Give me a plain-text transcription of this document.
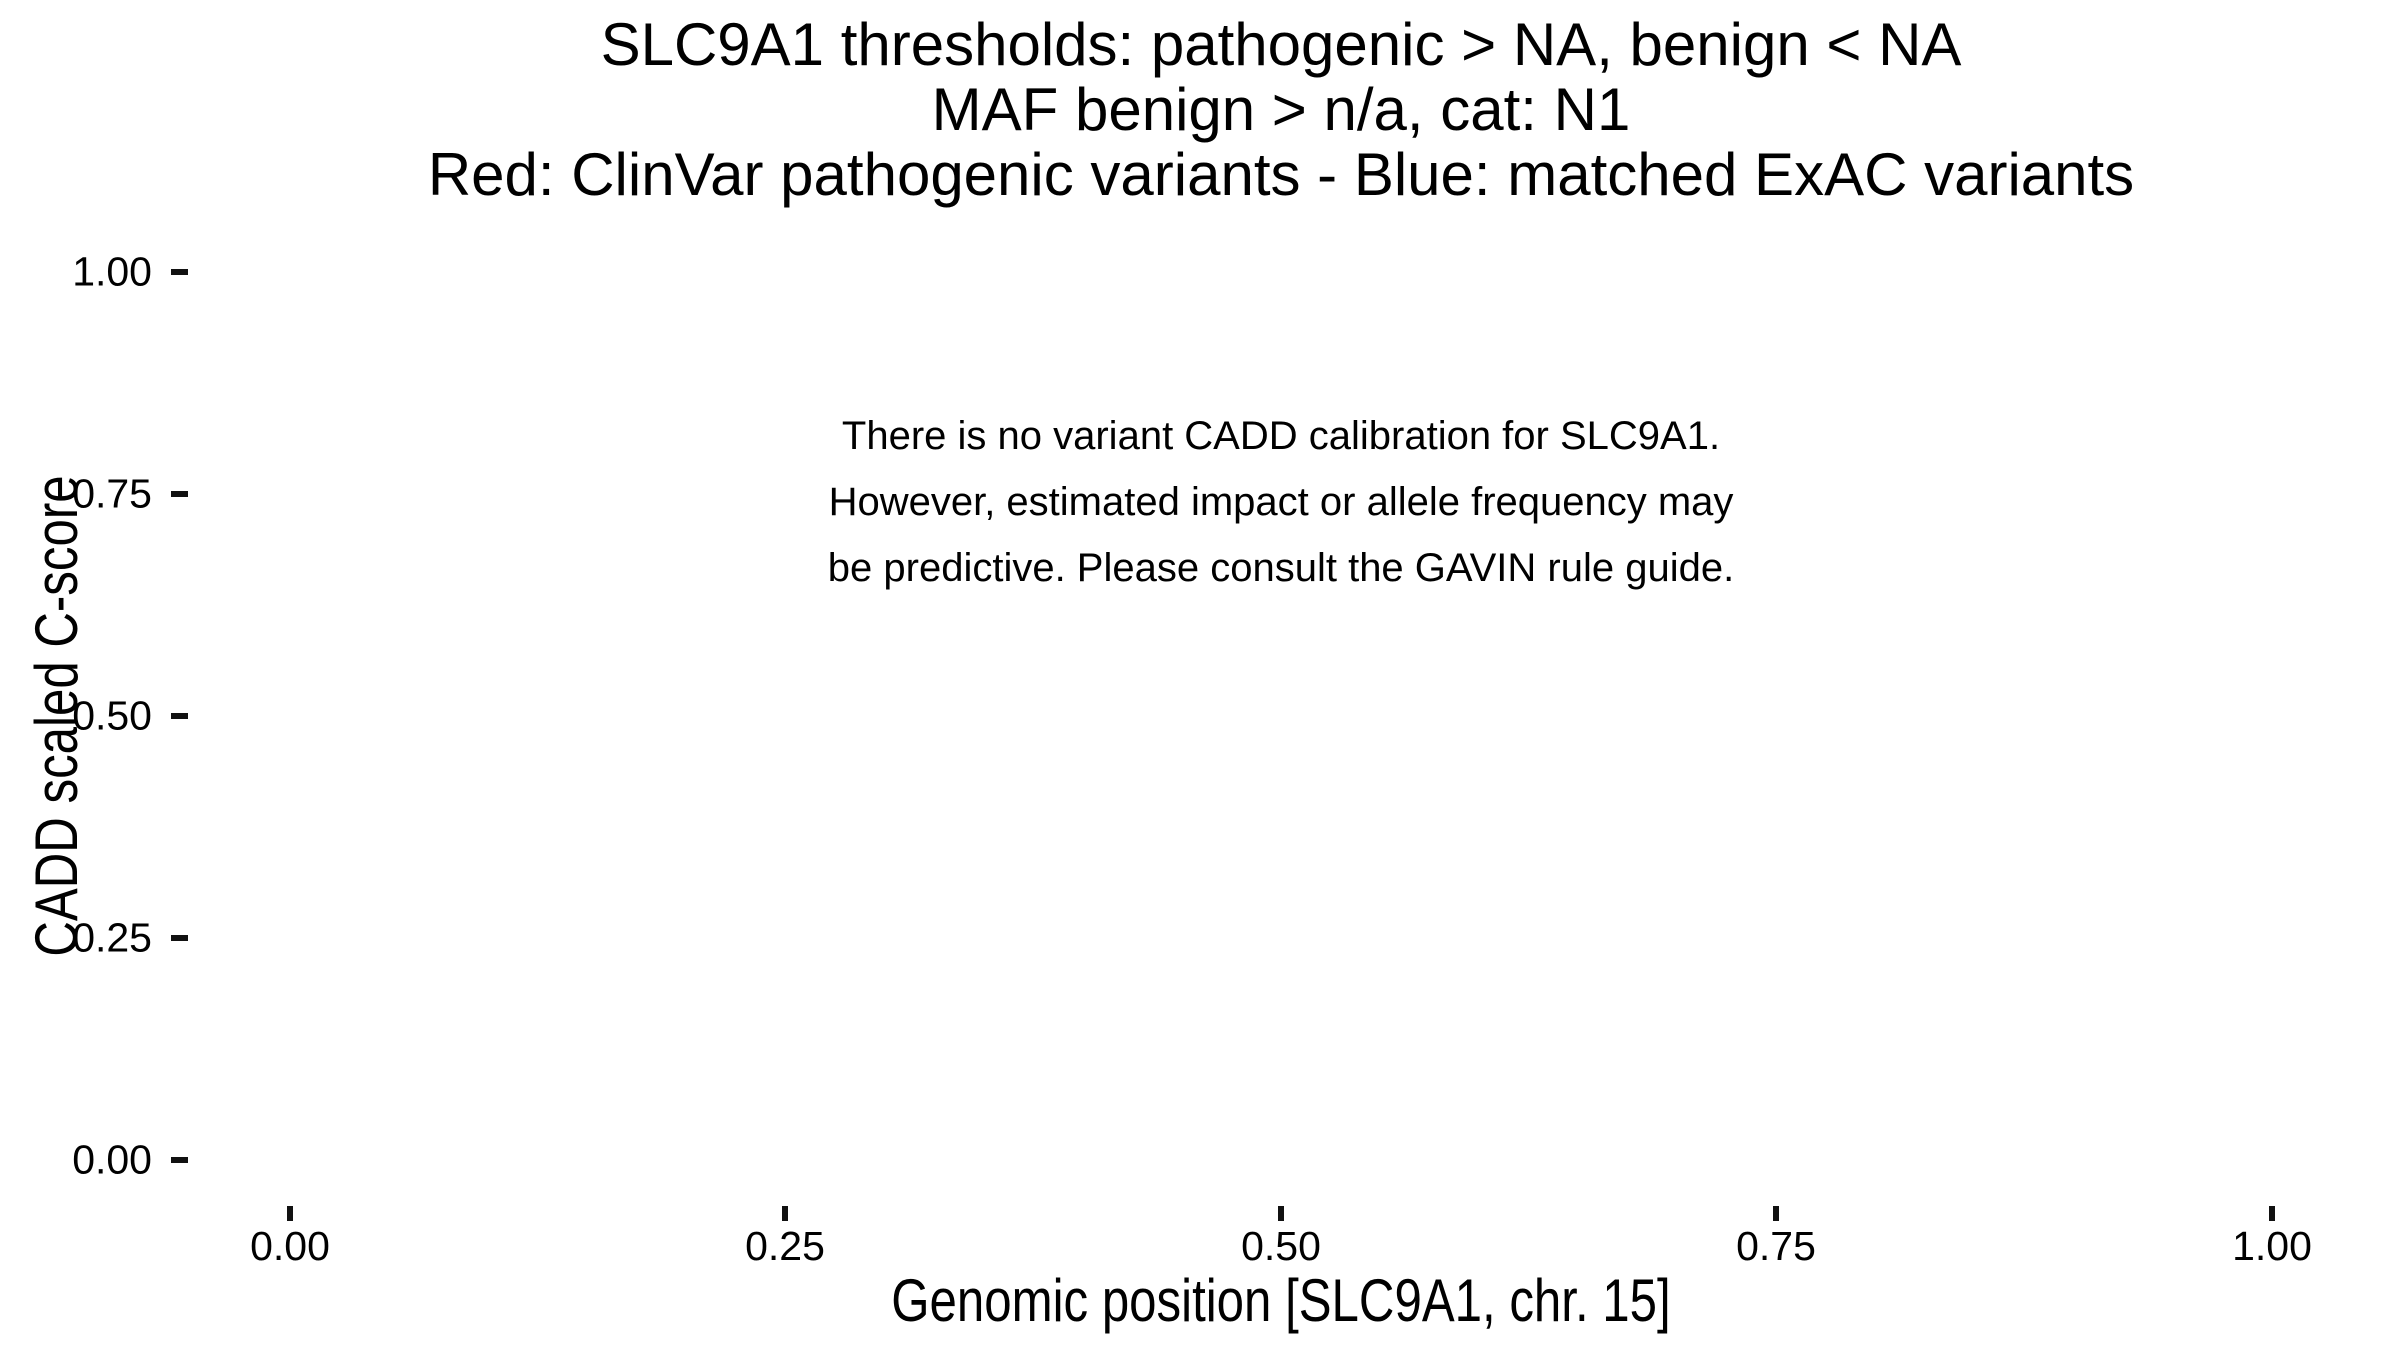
SLC9A1 thresholds: pathogenic > NA, benign < NA
MAF benign > n/a, cat: N1
Red: ClinVar pathogenic variants - Blue: matched ExAC variants
There is no variant CADD calibration for SLC9A1.
However, estimated impact or allele frequency may
be predictive. Please consult the GAVIN rule guide.
CADD scaled C-score
1.00
0.75
0.50
0.25
0.00
0.00	0.25	0.50	0.75	1.00
Genomic position [SLC9A1, chr. 15]
